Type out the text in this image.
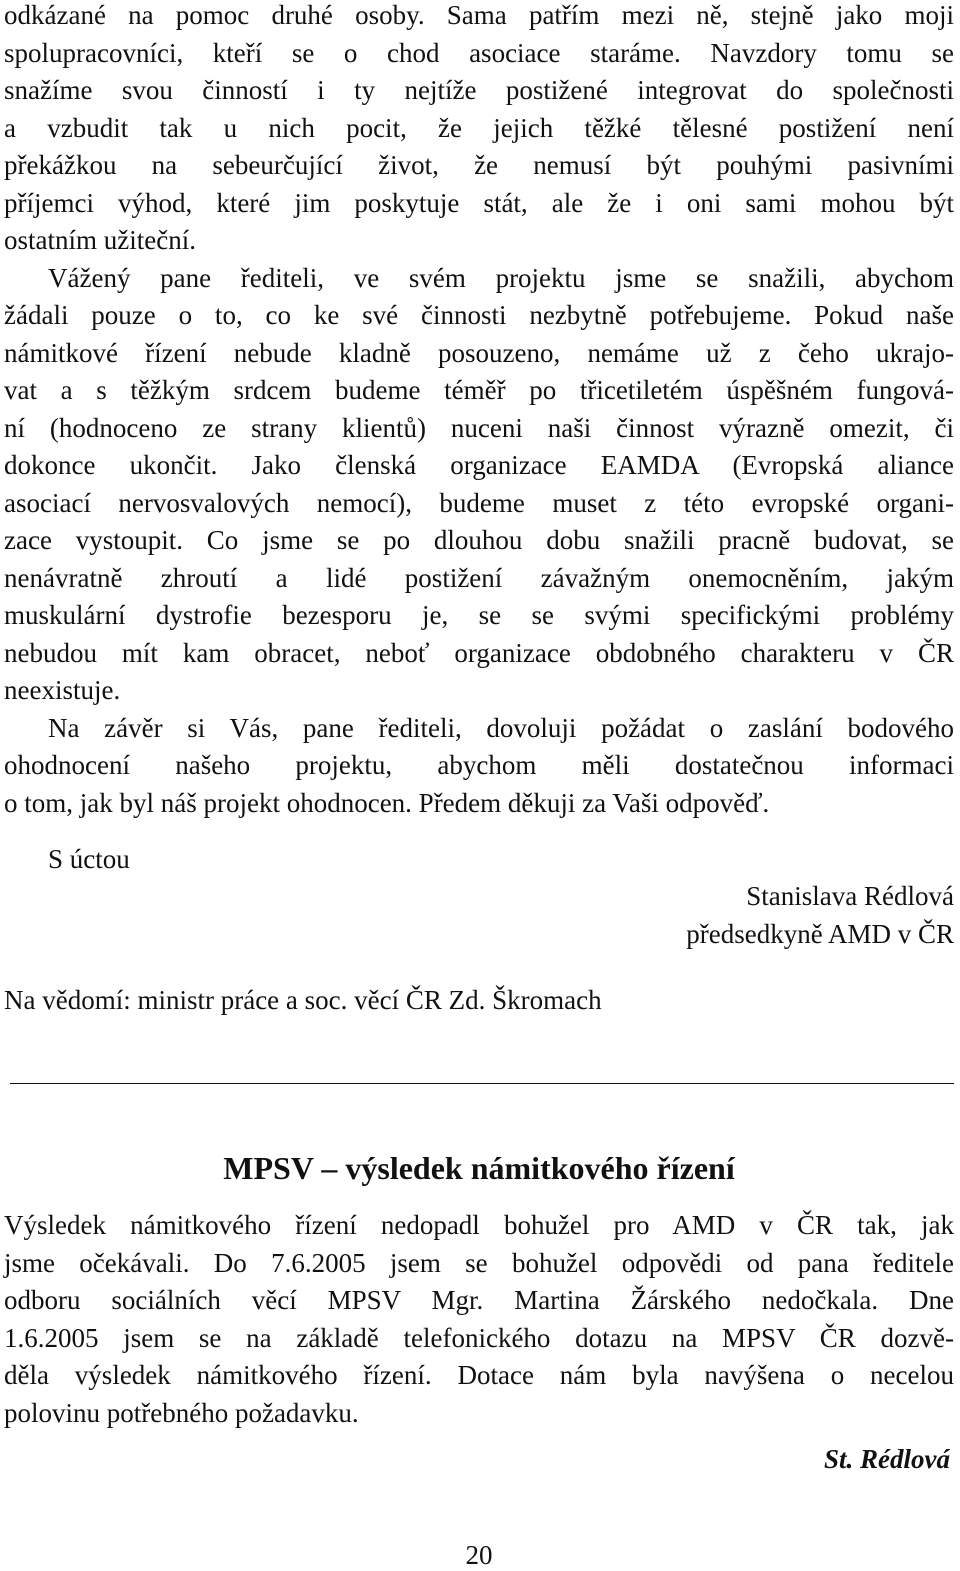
odkázané na pomoc druhé osoby. Sama patřím mezi ně, stejně jako moji
spolupracovníci, kteří se o chod asociace staráme. Navzdory tomu se
snažíme svou činností i ty nejtíže postižené integrovat do společnosti
a vzbudit tak u nich pocit, že jejich těžké tělesné postižení není
překážkou na sebeurčující život, že nemusí být pouhými pasivními
příjemci výhod, které jim poskytuje stát, ale že i oni sami mohou být
ostatním užiteční.
Vážený pane řediteli, ve svém projektu jsme se snažili, abychom
žádali pouze o to, co ke své činnosti nezbytně potřebujeme. Pokud naše
námitkové řízení nebude kladně posouzeno, nemáme už z čeho ukrajo-
vat a s těžkým srdcem budeme téměř po třicetiletém úspěšném fungová-
ní (hodnoceno ze strany klientů) nuceni naši činnost výrazně omezit, či
dokonce ukončit. Jako členská organizace EAMDA (Evropská aliance
asociací nervosvalových nemocí), budeme muset z této evropské organi-
zace vystoupit. Co jsme se po dlouhou dobu snažili pracně budovat, se
nenávratně zhroutí a lidé postižení závažným onemocněním, jakým
muskulární dystrofie bezesporu je, se se svými specifickými problémy
nebudou mít kam obracet, neboť organizace obdobného charakteru v ČR
neexistuje.
Na závěr si Vás, pane řediteli, dovoluji požádat o zaslání bodového
ohodnocení našeho projektu, abychom měli dostatečnou informaci
o tom, jak byl náš projekt ohodnocen. Předem děkuji za Vaši odpověď.
S úctou
Stanislava Rédlová
předsedkyně AMD v ČR
Na vědomí: ministr práce a soc. věcí ČR Zd. Škromach
MPSV – výsledek námitkového řízení
Výsledek námitkového řízení nedopadl bohužel pro AMD v ČR tak, jak
jsme očekávali. Do 7.6.2005 jsem se bohužel odpovědi od pana ředitele
odboru sociálních věcí MPSV Mgr. Martina Žárského nedočkala. Dne
1.6.2005 jsem se na základě telefonického dotazu na MPSV ČR dozvě-
děla výsledek námitkového řízení. Dotace nám byla navýšena o necelou
polovinu potřebného požadavku.
St. Rédlová
20
